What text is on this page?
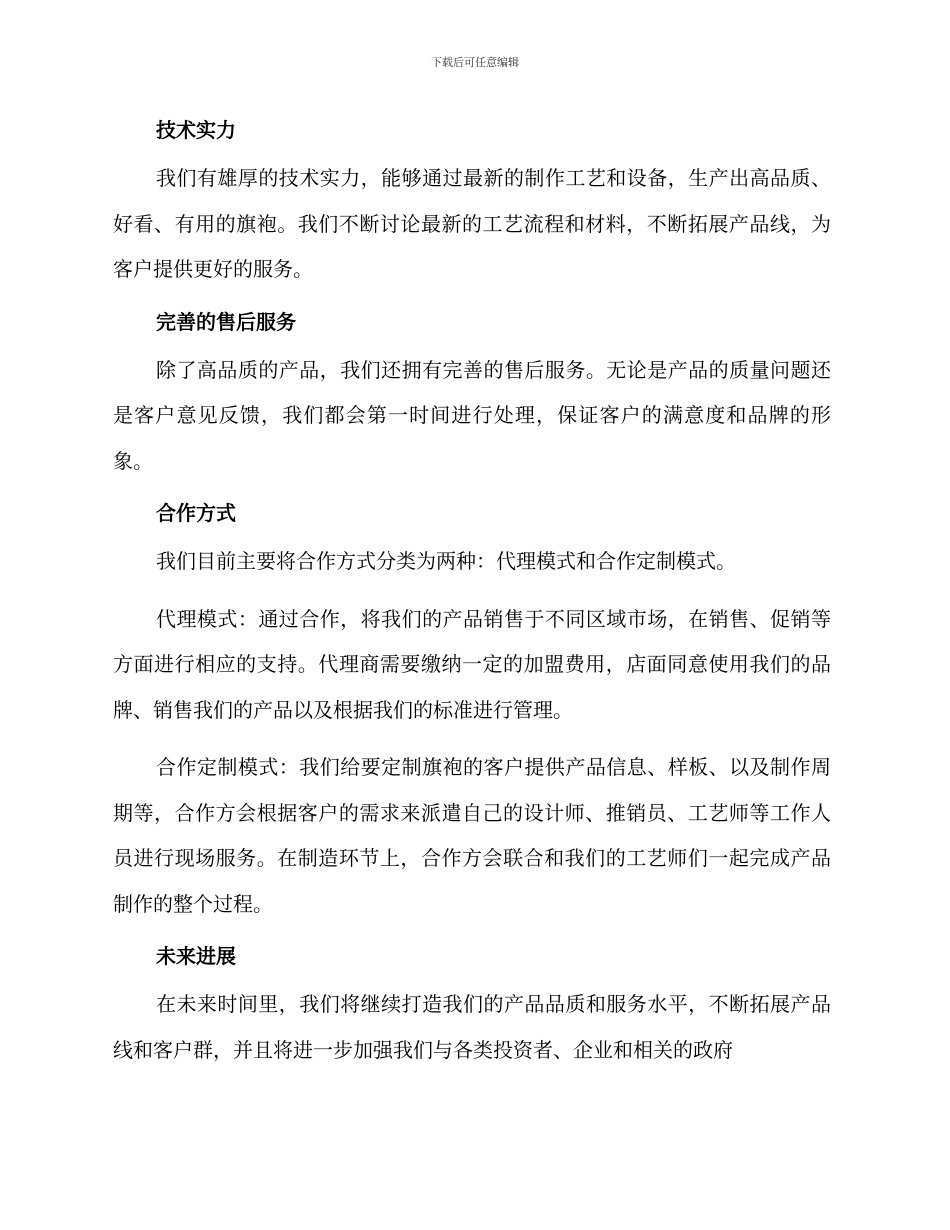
下载后可任意编辑
技术实力

我们有雄厚的技术实力，能够通过最新的制作工艺和设备，生产出高品质、好看、有用的旗袍。我们不断讨论最新的工艺流程和材料，不断拓展产品线，为客户提供更好的服务。

完善的售后服务

除了高品质的产品，我们还拥有完善的售后服务。无论是产品的质量问题还是客户意见反馈，我们都会第一时间进行处理，保证客户的满意度和品牌的形象。

合作方式

我们目前主要将合作方式分类为两种：代理模式和合作定制模式。

代理模式：通过合作，将我们的产品销售于不同区域市场，在销售、促销等方面进行相应的支持。代理商需要缴纳一定的加盟费用，店面同意使用我们的品牌、销售我们的产品以及根据我们的标准进行管理。

合作定制模式：我们给要定制旗袍的客户提供产品信息、样板、以及制作周期等，合作方会根据客户的需求来派遣自己的设计师、推销员、工艺师等工作人员进行现场服务。在制造环节上，合作方会联合和我们的工艺师们一起完成产品制作的整个过程。

未来进展

在未来时间里，我们将继续打造我们的产品品质和服务水平，不断拓展产品线和客户群，并且将进一步加强我们与各类投资者、企业和相关的政府
